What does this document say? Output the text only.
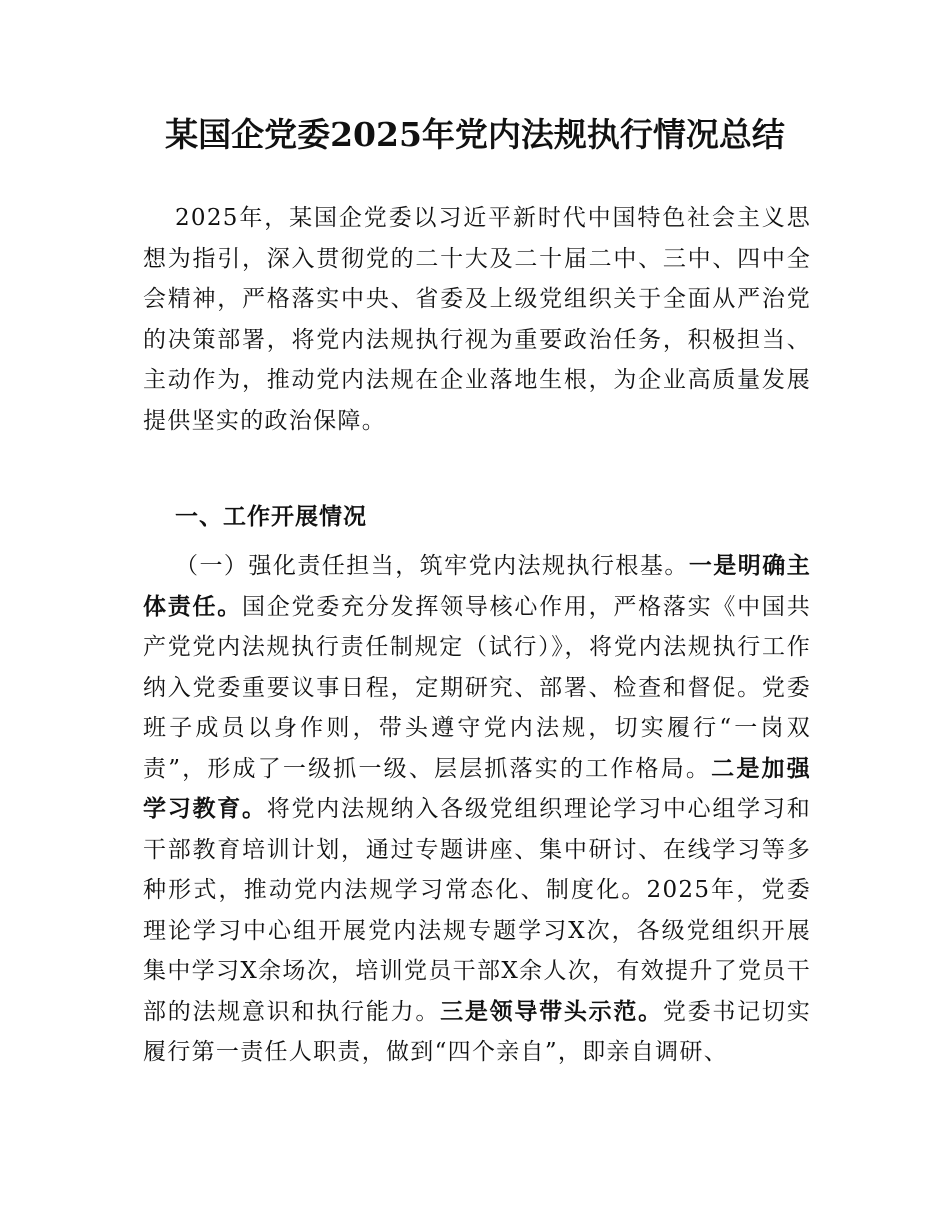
某国企党委2025年党内法规执行情况总结

2025年，某国企党委以习近平新时代中国特色社会主义思想为指引，深入贯彻党的二十大及二十届二中、三中、四中全会精神，严格落实中央、省委及上级党组织关于全面从严治党的决策部署，将党内法规执行视为重要政治任务，积极担当、主动作为，推动党内法规在企业落地生根，为企业高质量发展提供坚实的政治保障。

一、工作开展情况

（一）强化责任担当，筑牢党内法规执行根基。一是明确主体责任。国企党委充分发挥领导核心作用，严格落实《中国共产党党内法规执行责任制规定（试行）》，将党内法规执行工作纳入党委重要议事日程，定期研究、部署、检查和督促。党委班子成员以身作则，带头遵守党内法规，切实履行“一岗双责”，形成了一级抓一级、层层抓落实的工作格局。二是加强学习教育。将党内法规纳入各级党组织理论学习中心组学习和干部教育培训计划，通过专题讲座、集中研讨、在线学习等多种形式，推动党内法规学习常态化、制度化。2025年，党委理论学习中心组开展党内法规专题学习X次，各级党组织开展集中学习X余场次，培训党员干部X余人次，有效提升了党员干部的法规意识和执行能力。三是领导带头示范。党委书记切实履行第一责任人职责，做到“四个亲自”，即亲自调研、
